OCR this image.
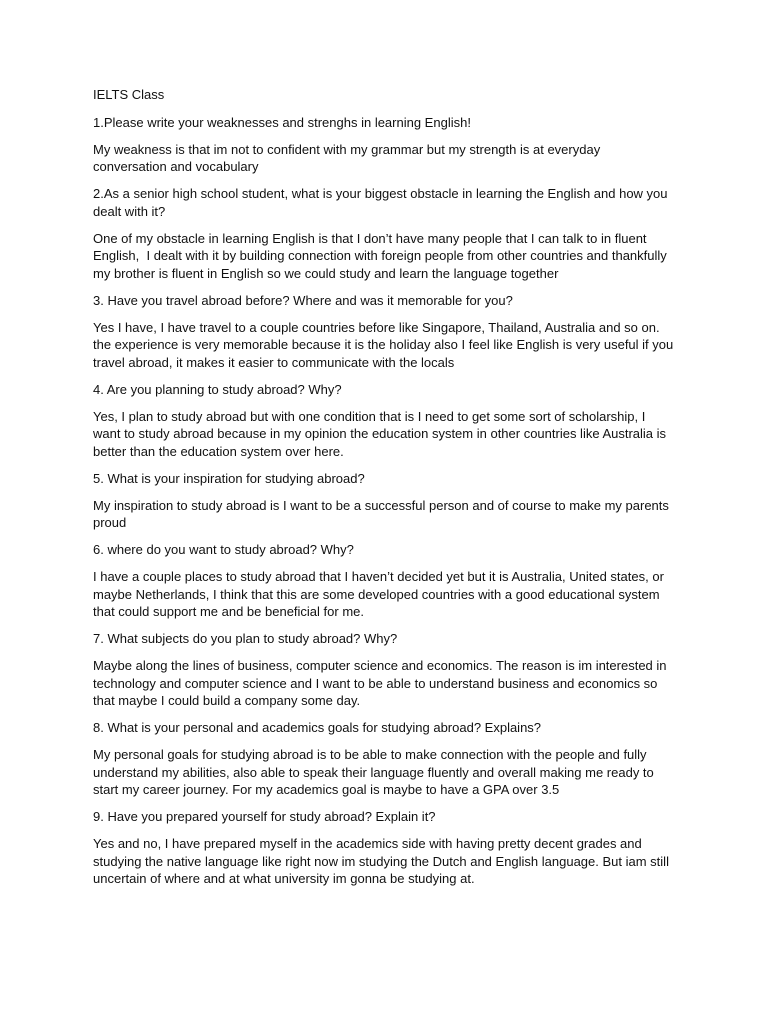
IELTS Class

1.Please write your weaknesses and strenghs in learning English!

My weakness is that im not to confident with my grammar but my strength is at everyday conversation and vocabulary

2.As a senior high school student, what is your biggest obstacle in learning the English and how you dealt with it?

One of my obstacle in learning English is that I don’t have many people that I can talk to in fluent English,  I dealt with it by building connection with foreign people from other countries and thankfully my brother is fluent in English so we could study and learn the language together

3. Have you travel abroad before? Where and was it memorable for you?

Yes I have, I have travel to a couple countries before like Singapore, Thailand, Australia and so on. the experience is very memorable because it is the holiday also I feel like English is very useful if you travel abroad, it makes it easier to communicate with the locals

4. Are you planning to study abroad? Why?

Yes, I plan to study abroad but with one condition that is I need to get some sort of scholarship, I want to study abroad because in my opinion the education system in other countries like Australia is better than the education system over here.

5. What is your inspiration for studying abroad?

My inspiration to study abroad is I want to be a successful person and of course to make my parents proud

6. where do you want to study abroad? Why?

I have a couple places to study abroad that I haven’t decided yet but it is Australia, United states, or maybe Netherlands, I think that this are some developed countries with a good educational system that could support me and be beneficial for me.

7. What subjects do you plan to study abroad? Why?

Maybe along the lines of business, computer science and economics. The reason is im interested in technology and computer science and I want to be able to understand business and economics so that maybe I could build a company some day.

8. What is your personal and academics goals for studying abroad? Explains?

My personal goals for studying abroad is to be able to make connection with the people and fully understand my abilities, also able to speak their language fluently and overall making me ready to start my career journey. For my academics goal is maybe to have a GPA over 3.5

9. Have you prepared yourself for study abroad? Explain it?

Yes and no, I have prepared myself in the academics side with having pretty decent grades and studying the native language like right now im studying the Dutch and English language. But iam still uncertain of where and at what university im gonna be studying at.
